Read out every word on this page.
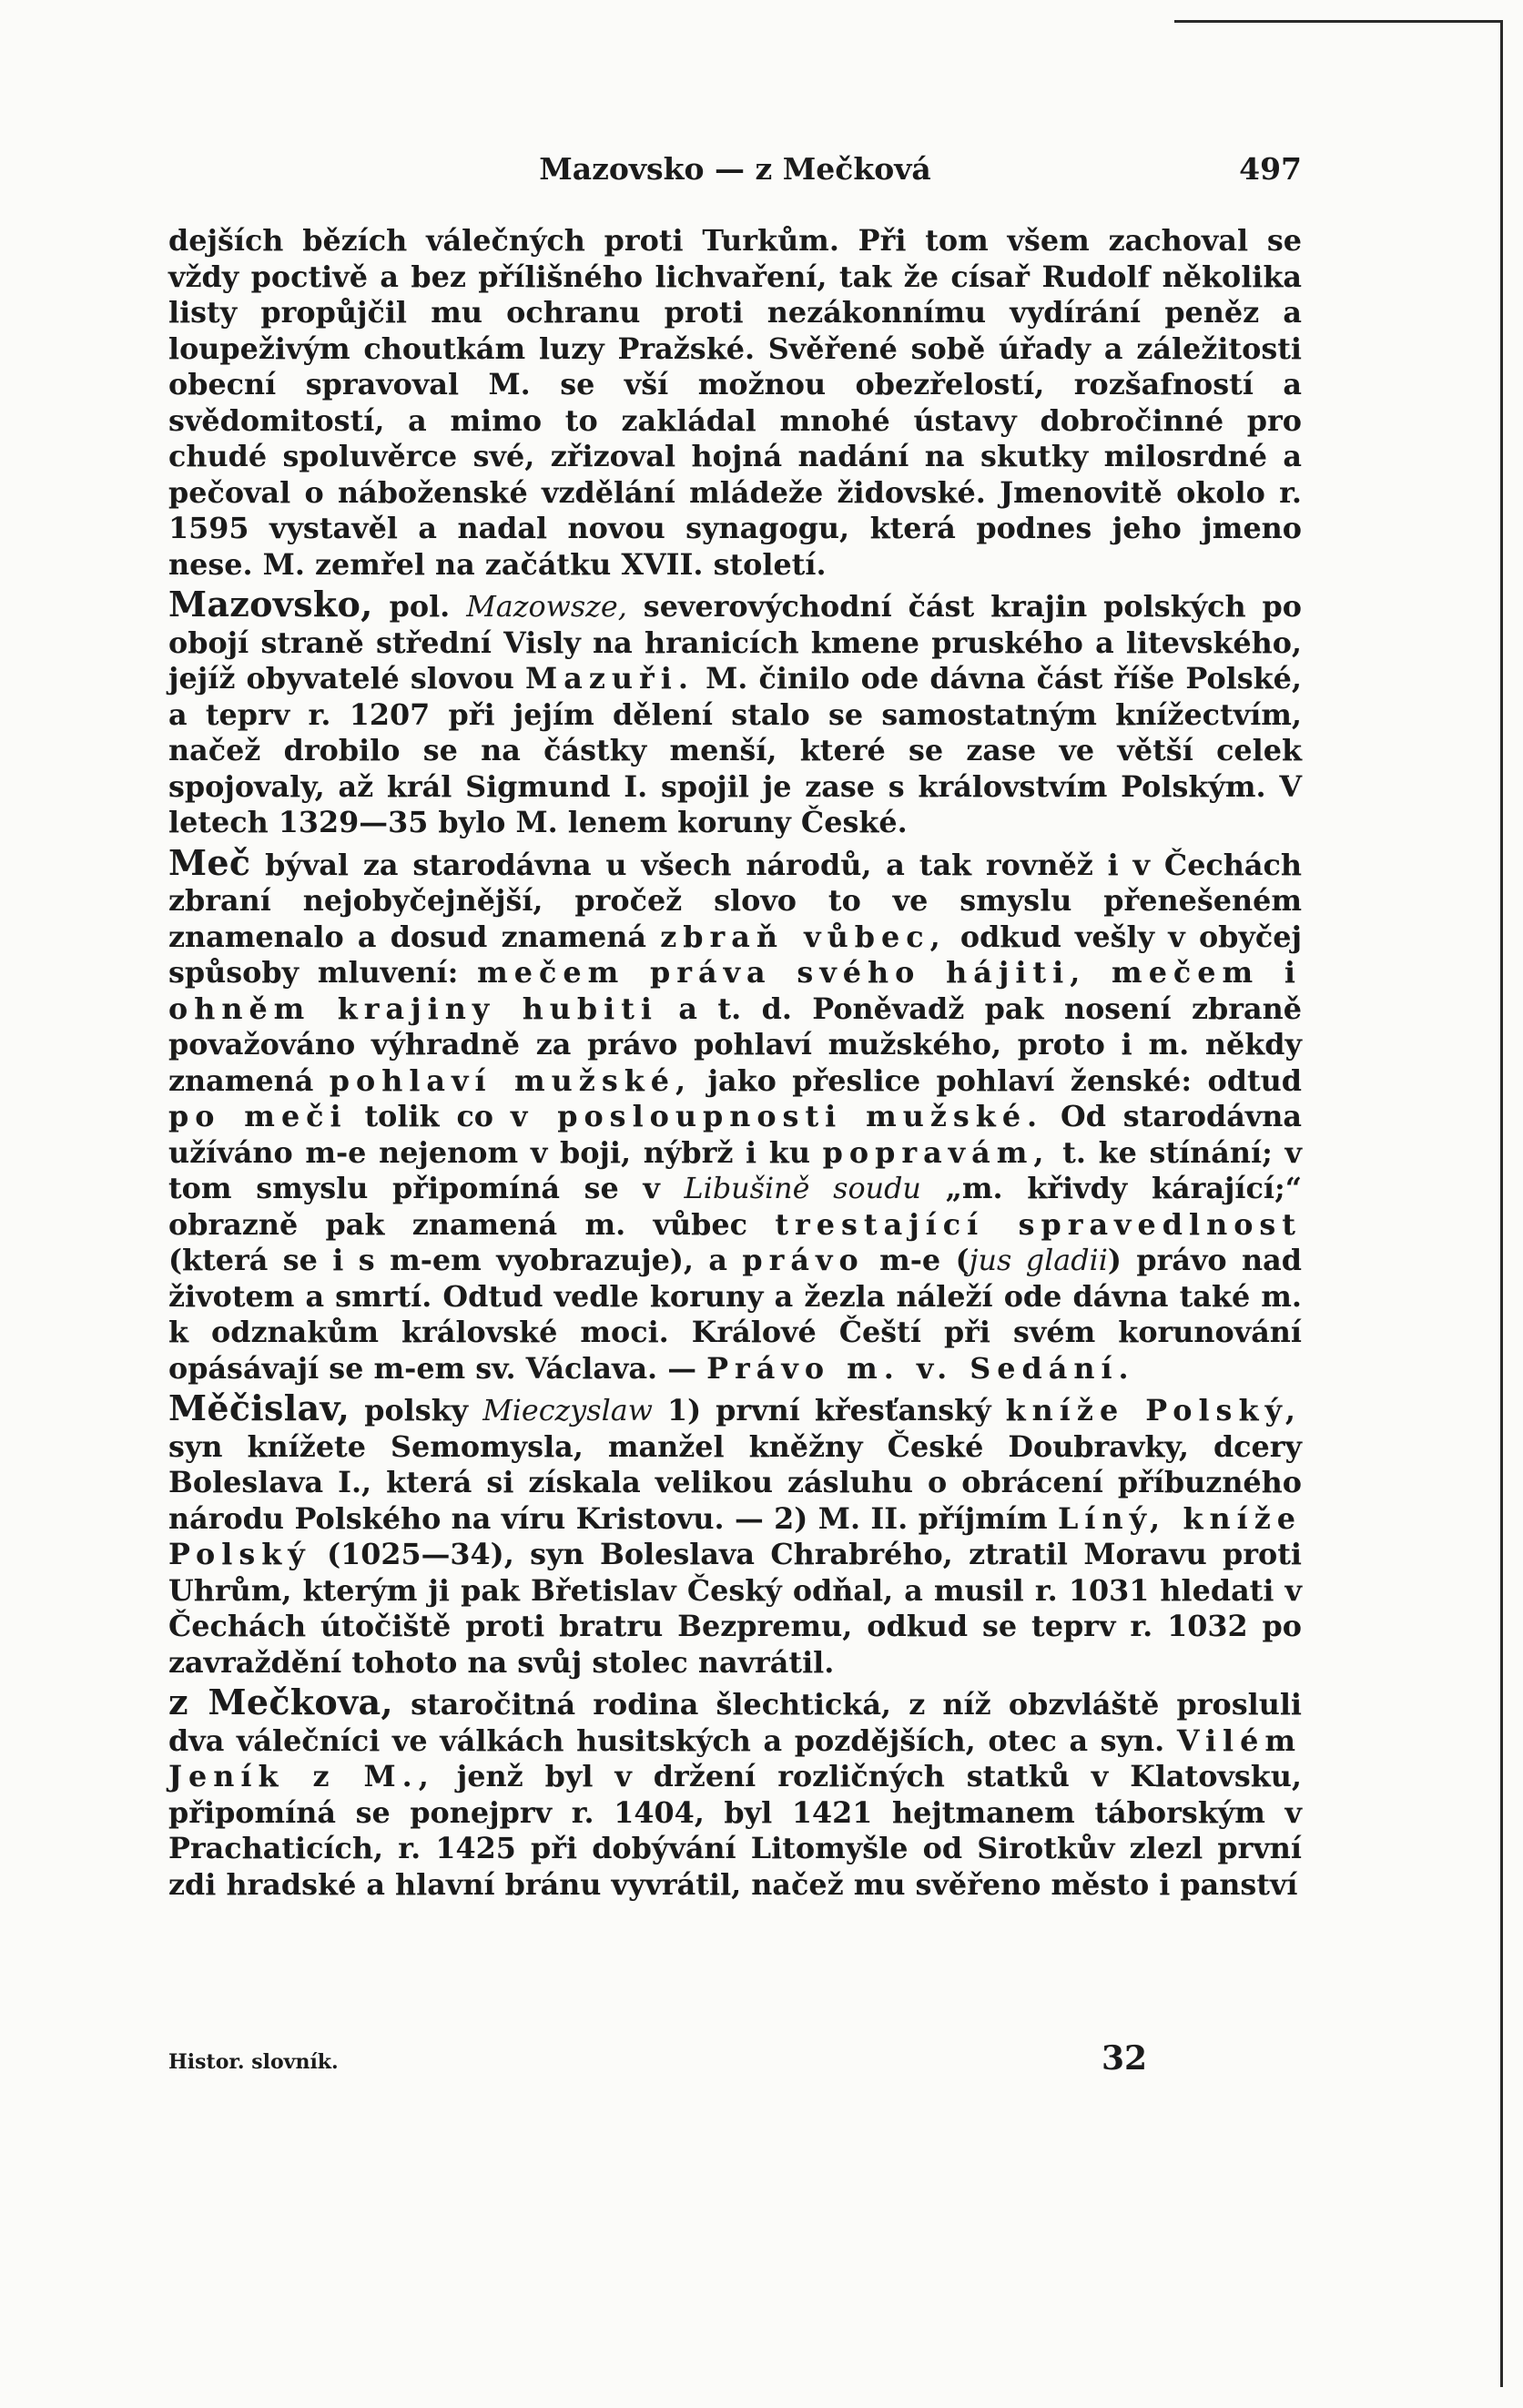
Mazovsko — z Mečková	497

dejších bězích válečných proti Turkům. Při tom všem zachoval se vždy poctivě a bez přílišného lichvaření, tak že císař Rudolf několika listy propůjčil mu ochranu proti nezákonnímu vydírání peněz a loupeživým choutkám luzy Pražské. Svěřené sobě úřady a záležitosti obecní spravoval M. se vší možnou obezřelostí, rozšafností a svědomitostí, a mimo to zakládal mnohé ústavy dobročinné pro chudé spoluvěrce své, zřizoval hojná nadání na skutky milosrdné a pečoval o náboženské vzdělání mládeže židovské. Jmenovitě okolo r. 1595 vystavěl a nadal novou synagogu, která podnes jeho jmeno nese. M. zemřel na začátku XVII. století.

Mazovsko, pol. Mazowsze, severovýchodní část krajin polských po obojí straně střední Visly na hranicích kmene pruského a litevského, jejíž obyvatelé slovou Mazuři. M. činilo ode dávna část říše Polské, a teprv r. 1207 při jejím dělení stalo se samostatným knížectvím, načež drobilo se na částky menší, které se zase ve větší celek spojovaly, až král Sigmund I. spojil je zase s královstvím Polským. V letech 1329—35 bylo M. lenem koruny České.

Meč býval za starodávna u všech národů, a tak rovněž i v Čechách zbraní nejobyčejnější, pročež slovo to ve smyslu přenešeném znamenalo a dosud znamená zbraň vůbec, odkud vešly v obyčej spůsoby mluvení: mečem práva svého hájiti, mečem i ohněm krajiny hubiti a t. d. Poněvadž pak nosení zbraně považováno výhradně za právo pohlaví mužského, proto i m. někdy znamená pohlaví mužské, jako přeslice pohlaví ženské: odtud po meči tolik co v posloupnosti mužské. Od starodávna užíváno m-e nejenom v boji, nýbrž i ku popravám, t. ke stínání; v tom smyslu připomíná se v Libušině soudu „m. křivdy kárající;“ obrazně pak znamená m. vůbec trestající spravedlnost (která se i s m-em vyobrazuje), a právo m-e (jus gladii) právo nad životem a smrtí. Odtud vedle koruny a žezla náleží ode dávna také m. k odznakům královské moci. Králové Čeští při svém korunování opásávají se m-em sv. Václava. — Právo m. v. Sedání.

Měčislav, polsky Mieczyslaw 1) první křesťanský kníže Polský, syn knížete Semomysla, manžel kněžny České Doubravky, dcery Boleslava I., která si získala velikou zásluhu o obrácení příbuzného národu Polského na víru Kristovu. — 2) M. II. příjmím Líný, kníže Polský (1025—34), syn Boleslava Chrabrého, ztratil Moravu proti Uhrům, kterým ji pak Břetislav Český odňal, a musil r. 1031 hledati v Čechách útočiště proti bratru Bezpremu, odkud se teprv r. 1032 po zavraždění tohoto na svůj stolec navrátil.

z Mečkova, staročitná rodina šlechtická, z níž obzvláště prosluli dva válečníci ve válkách husitských a pozdějších, otec a syn. Vilém Jeník z M., jenž byl v držení rozličných statků v Klatovsku, připomíná se ponejprv r. 1404, byl 1421 hejtmanem táborským v Prachaticích, r. 1425 při dobývání Litomyšle od Sirotkův zlezl první zdi hradské a hlavní bránu vyvrátil, načež mu svěřeno město i panství

Histor. slovník.	32
